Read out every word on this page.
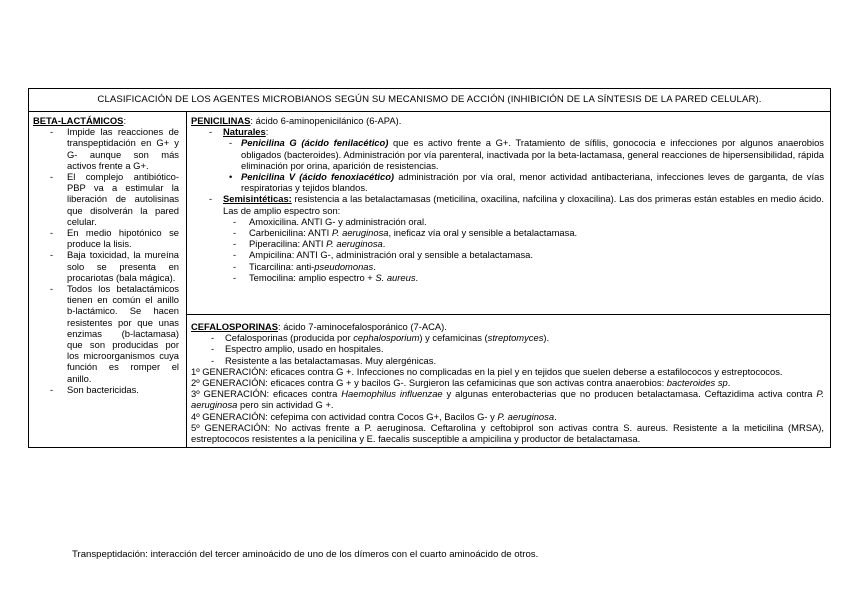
CLASIFICACIÓN DE LOS AGENTES MICROBIANOS SEGÚN SU MECANISMO DE ACCIÓN (INHIBICIÓN DE LA SÍNTESIS DE LA PARED CELULAR).
BETA-LACTÁMICOS:
- Impide las reacciones de transpeptidación en G+ y G- aunque son más activos frente a G+.
- El complejo antibiótico-PBP va a estimular la liberación de autolisinas que disolverán la pared celular.
- En medio hipotónico se produce la lisis.
- Baja toxicidad, la mureína solo se presenta en procariotas (bala mágica).
- Todos los betalactámicos tienen en común el anillo b-lactámico. Se hacen resistentes por que unas enzimas (b-lactamasa) que son producidas por los microorganismos cuya función es romper el anillo.
- Son bactericidas.
PENICILINAS: ácido 6-aminopenicilánico (6-APA).
- Naturales:
- Penicilina G (ácido fenilacético) que es activo frente a G+. Tratamiento de sífilis, gonococia e infecciones por algunos anaerobios obligados (bacteroides). Administración por vía parenteral, inactivada por la beta-lactamasa, general reacciones de hipersensibilidad, rápida eliminación por orina, aparición de resistencias.
• Penicilina V (ácido fenoxiacético) administración por vía oral, menor actividad antibacteriana, infecciones leves de garganta, de vías respiratorias y tejidos blandos.
- Semisintéticas: resistencia a las betalactamasas (meticilina, oxacilina, nafcilina y cloxacilina). Las dos primeras están estables en medio ácido. Las de amplio espectro son:
- Amoxicilina. ANTI G- y administración oral.
- Carbenicilina: ANTI P. aeruginosa, ineficaz vía oral y sensible a betalactamasa.
- Piperacilina: ANTI P. aeruginosa.
- Ampicilina: ANTI G-, administración oral y sensible a betalactamasa.
- Ticarcilina: anti-pseudomonas.
- Temocilina: amplio espectro + S. aureus.
CEFALOSPORINAS: ácido 7-aminocefalosporánico (7-ACA).
- Cefalosporinas (producida por cephalosporium) y cefamicinas (streptomyces).
- Espectro amplio, usado en hospitales.
- Resistente a las betalactamasas. Muy alergénicas.
1º GENERACIÓN: eficaces contra G +. Infecciones no complicadas en la piel y en tejidos que suelen deberse a estafilococos y estreptococos.
2º GENERACIÓN: eficaces contra G + y bacilos G-. Surgieron las cefamicinas que son activas contra anaerobios: bacteroides sp.
3º GENERACIÓN: eficaces contra Haemophilus influenzae y algunas enterobacterias que no producen betalactamasa. Ceftazidima activa contra P. aeruginosa pero sin actividad G +.
4º GENERACIÓN: cefepima con actividad contra Cocos G+, Bacilos G- y P. aeruginosa.
5º GENERACIÓN: No activas frente a P. aeruginosa. Ceftarolina y ceftobiprol son activas contra S. aureus. Resistente a la meticilina (MRSA), estreptococos resistentes a la penicilina y E. faecalis susceptible a ampicilina y productor de betalactamasa.
Transpeptidación: interacción del tercer aminoácido de uno de los dímeros con el cuarto aminoácido de otros.
